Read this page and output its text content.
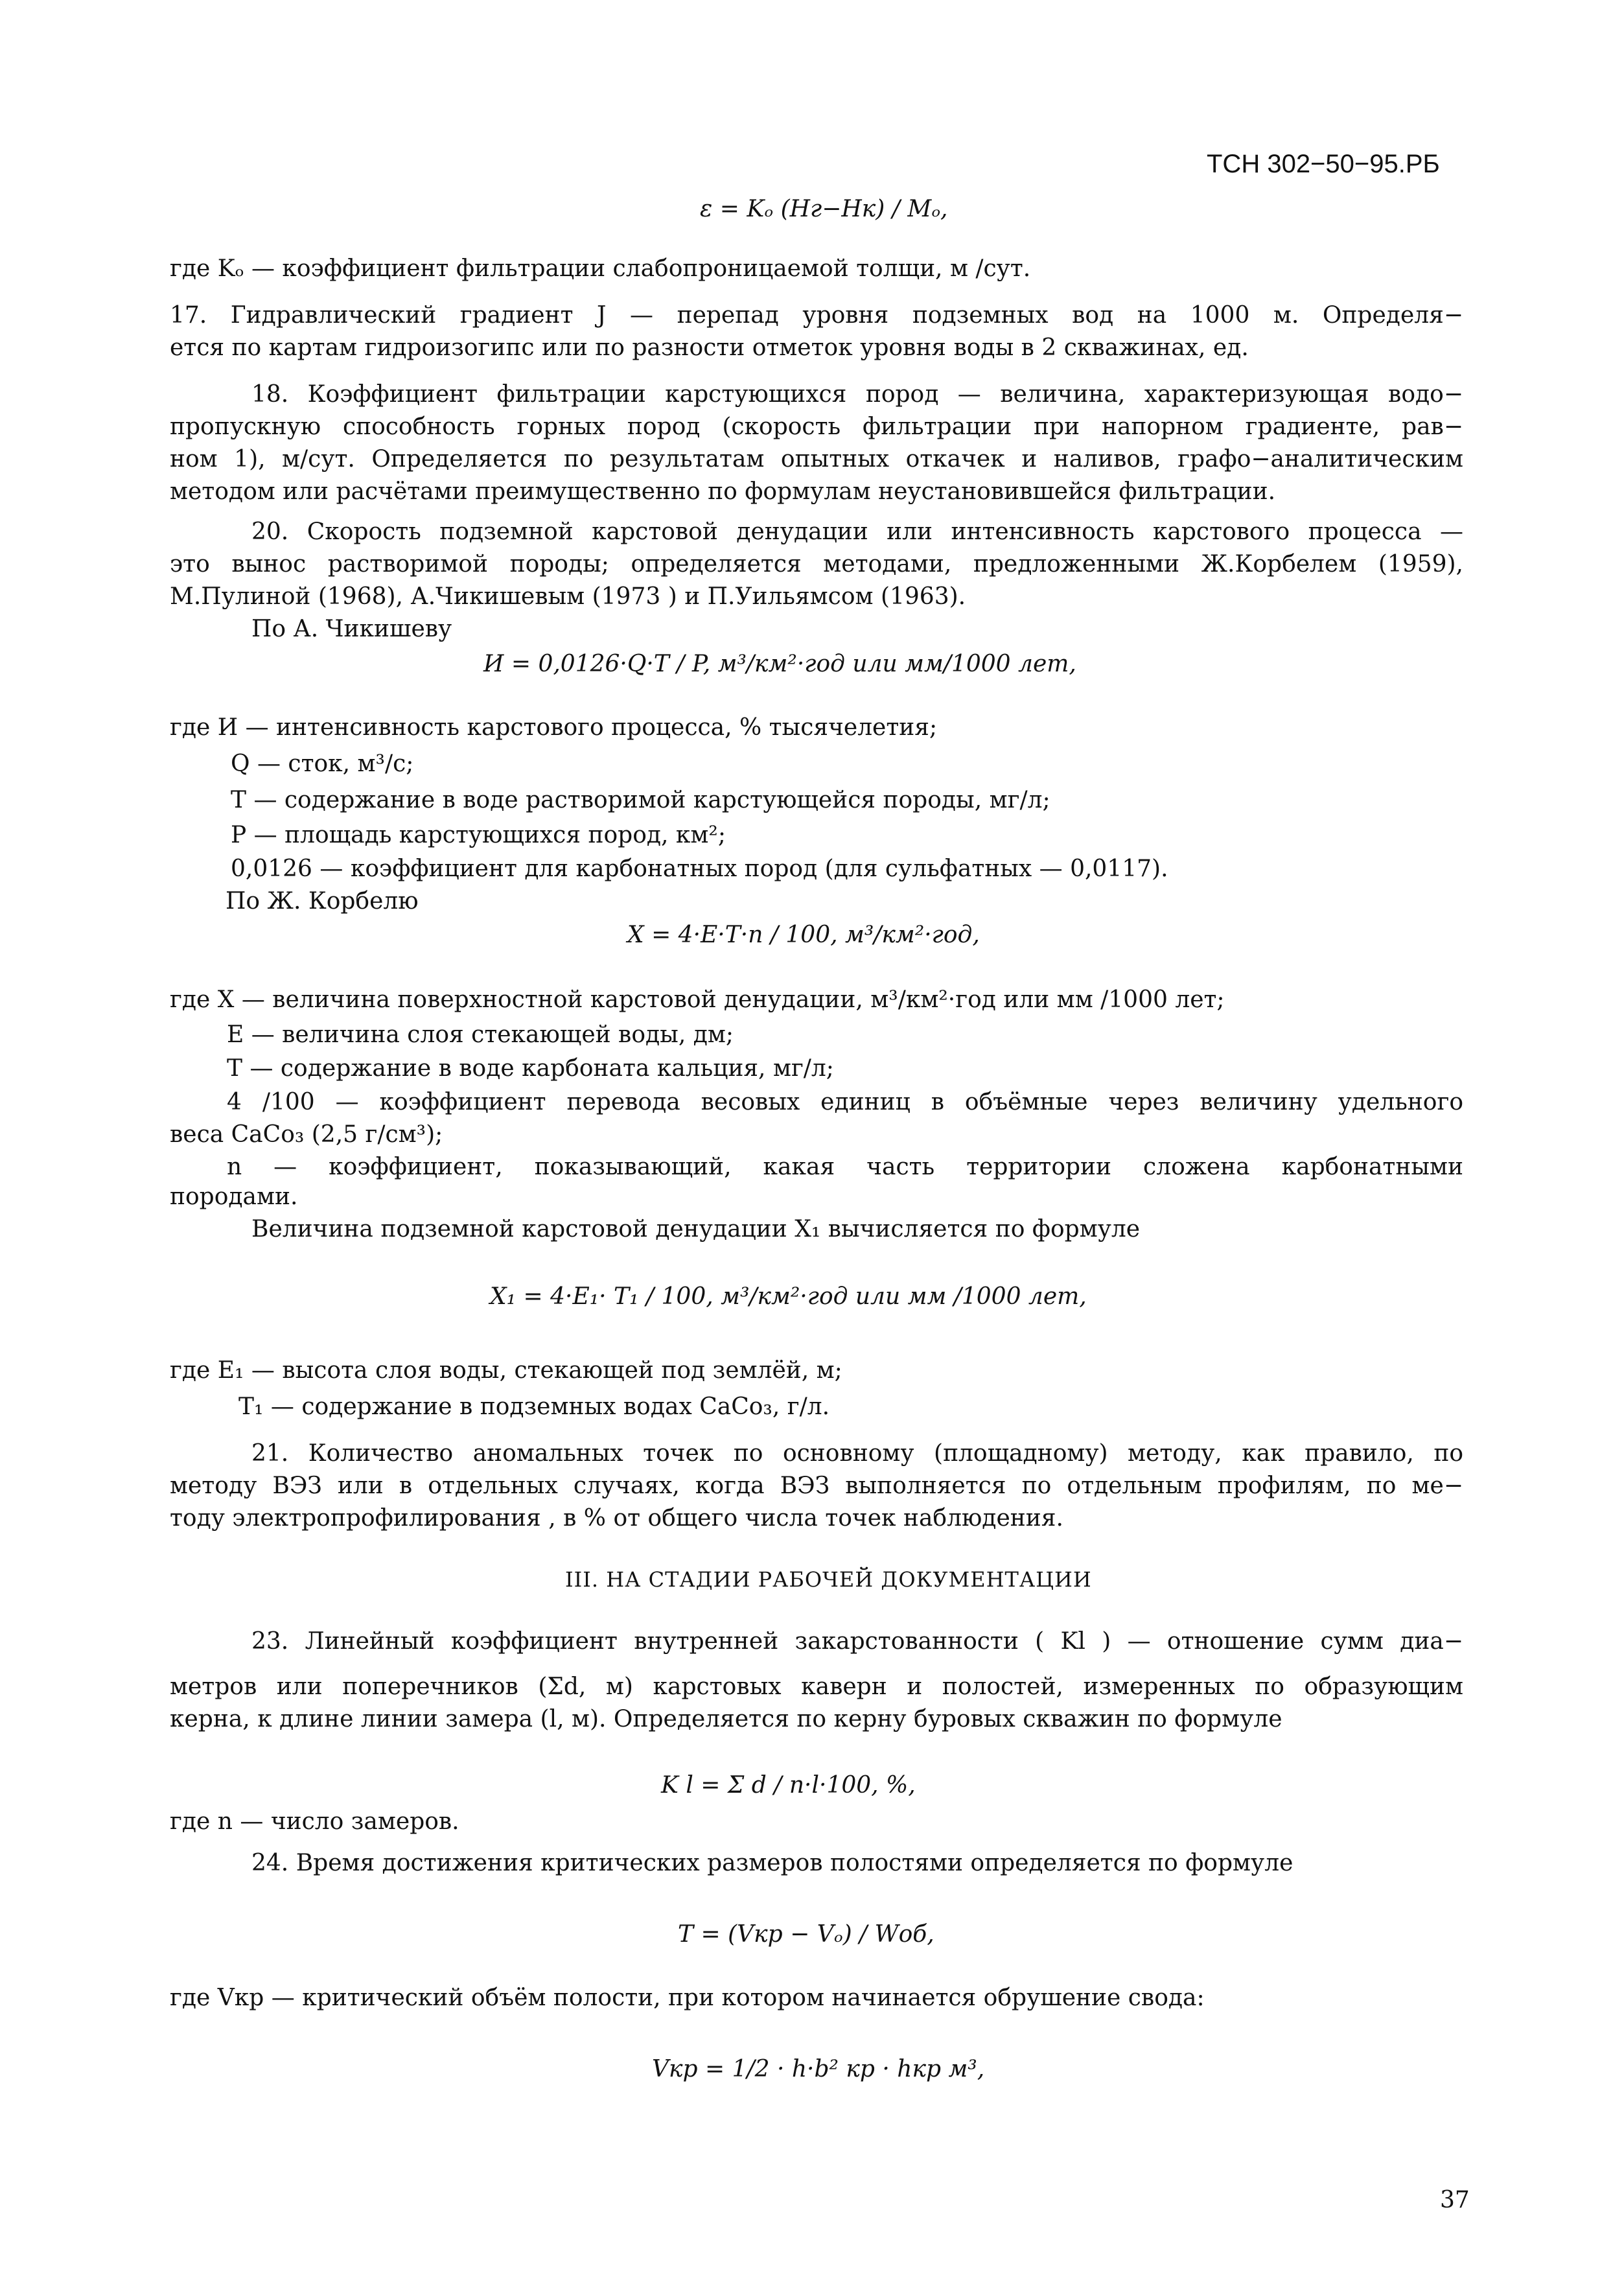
ТСН 302−50−95.РБ
ε = Kₒ (Hг−Hк) / Mₒ,
где Kₒ — коэффициент фильтрации слабопроницаемой толщи, м /сут.
17. Гидравлический градиент J — перепад уровня подземных вод на 1000 м. Определя−
ется по картам гидроизогипс или по разности отметок уровня воды в 2 скважинах, ед.
18. Коэффициент фильтрации карстующихся пород — величина, характеризующая водо−
пропускную способность горных пород (скорость фильтрации при напорном градиенте, рав−
ном 1), м/сут. Определяется по результатам опытных откачек и наливов, графо−аналитическим
методом или расчётами преимущественно по формулам неустановившейся фильтрации.
20. Скорость подземной карстовой денудации или интенсивность карстового процесса —
это вынос растворимой породы; определяется методами, предложенными Ж.Корбелем (1959),
М.Пулиной (1968), А.Чикишевым (1973 ) и П.Уильямсом (1963).
По А. Чикишеву
И = 0,0126·Q·T / P, м³/км²·год или мм/1000 лет,
где И — интенсивность карстового процесса, % тысячелетия;
Q — сток, м³/с;
T — содержание в воде растворимой карстующейся породы, мг/л;
P — площадь карстующихся пород, км²;
0,0126 — коэффициент для карбонатных пород (для сульфатных — 0,0117).
По Ж. Корбелю
X = 4·E·T·n / 100, м³/км²·год,
где X — величина поверхностной карстовой денудации, м³/км²·год или мм /1000 лет;
E — величина слоя стекающей воды, дм;
T — содержание в воде карбоната кальция, мг/л;
4 /100 — коэффициент перевода весовых единиц в объёмные через величину удельного
веса CaCo₃ (2,5 г/см³);
n — коэффициент, показывающий, какая часть территории сложена карбонатными
породами.
Величина подземной карстовой денудации X₁ вычисляется по формуле
X₁ = 4·E₁· T₁ / 100, м³/км²·год или мм /1000 лет,
где E₁ — высота слоя воды, стекающей под землёй, м;
T₁ — содержание в подземных водах CaCo₃, г/л.
21. Количество аномальных точек по основному (площадному) методу, как правило, по
методу ВЭЗ или в отдельных случаях, когда ВЭЗ выполняется по отдельным профилям, по ме−
тоду электропрофилирования , в % от общего числа точек наблюдения.
III. НА СТАДИИ РАБОЧЕЙ ДОКУМЕНТАЦИИ
23. Линейный коэффициент внутренней закарстованности ( Kl ) — отношение сумм диа−
метров или поперечников (Σd, м) карстовых каверн и полостей, измеренных по образующим
керна, к длине линии замера (l, м). Определяется по керну буровых скважин по формуле
K l = Σ d / n·l·100, %,
где n — число замеров.
24. Время достижения критических размеров полостями определяется по формуле
T = (Vкр − Vₒ) / Wоб,
где Vкр — критический объём полости, при котором начинается обрушение свода:
Vкр = 1/2 · h·b² кр · hкр м³,
37
